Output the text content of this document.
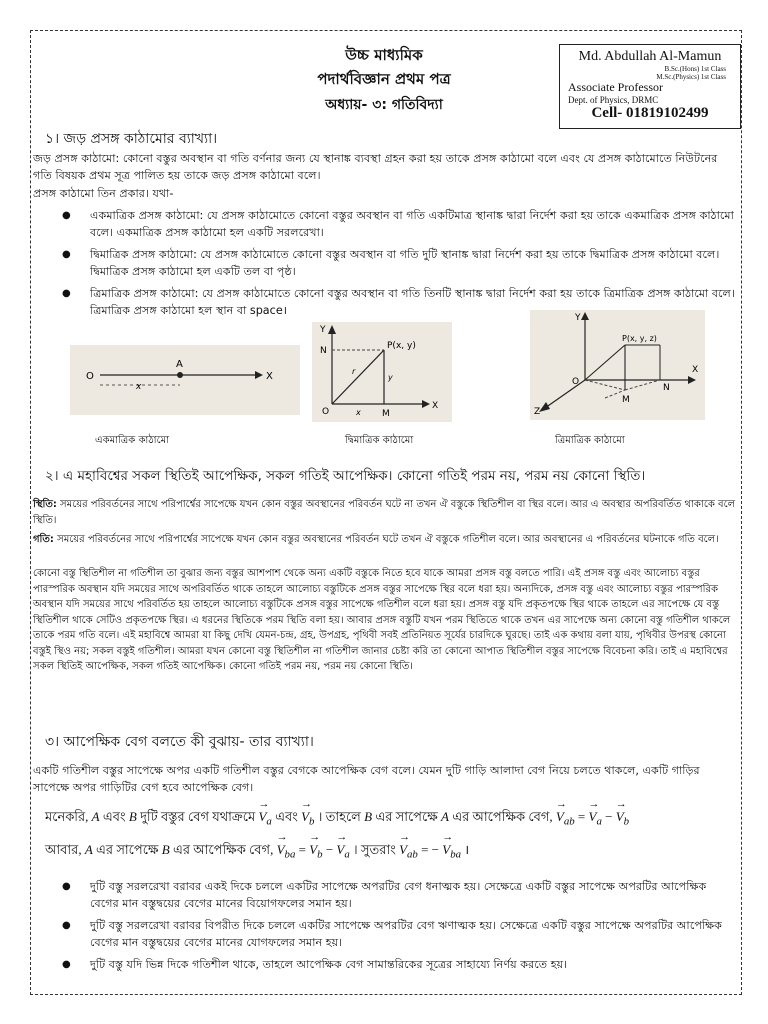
উচ্চ মাধ্যমিক
পদার্থবিজ্ঞান প্রথম পত্র
অধ্যায়- ৩: গতিবিদ্যা
Md. Abdullah Al-Mamun
B.Sc.(Hons) 1st Class
M.Sc.(Physics) 1st Class
Associate Professor
Dept. of Physics, DRMC
Cell- 01819102499
১। জড় প্রসঙ্গ কাঠামোর ব্যাখ্যা।
জড় প্রসঙ্গ কাঠামো: কোনো বস্তুর অবস্থান বা গতি বর্ণনার জন্য যে স্থানাঙ্ক ব্যবস্থা গ্রহন করা হয় তাকে প্রসঙ্গ কাঠামো বলে এবং যে প্রসঙ্গ কাঠামোতে নিউটনের গতি বিষয়ক প্রথম সূত্র পালিত হয় তাকে জড় প্রসঙ্গ কাঠামো বলে।
প্রসঙ্গ কাঠামো তিন প্রকার। যথা-
● একমাত্রিক প্রসঙ্গ কাঠামো: যে প্রসঙ্গ কাঠামোতে কোনো বস্তুর অবস্থান বা গতি একটিমাত্র স্থানাঙ্ক দ্বারা নির্দেশ করা হয় তাকে একমাত্রিক প্রসঙ্গ কাঠামো বলে। একমাত্রিক প্রসঙ্গ কাঠামো হল একটি সরলরেখা।
● দ্বিমাত্রিক প্রসঙ্গ কাঠামো: যে প্রসঙ্গ কাঠামোতে কোনো বস্তুর অবস্থান বা গতি দুটি স্থানাঙ্ক দ্বারা নির্দেশ করা হয় তাকে দ্বিমাত্রিক প্রসঙ্গ কাঠামো বলে। দ্বিমাত্রিক প্রসঙ্গ কাঠামো হল একটি তল বা পৃষ্ঠ।
● ত্রিমাত্রিক প্রসঙ্গ কাঠামো: যে প্রসঙ্গ কাঠামোতে কোনো বস্তুর অবস্থান বা গতি তিনটি স্থানাঙ্ক দ্বারা নির্দেশ করা হয় তাকে ত্রিমাত্রিক প্রসঙ্গ কাঠামো বলে। ত্রিমাত্রিক প্রসঙ্গ কাঠামো হল স্থান বা space।
O
A
X
x
একমাত্রিক কাঠামো
Y
X
O
N
M
P(x, y)
r
x
y
দ্বিমাত্রিক কাঠামো
Y
X
Z
O
P(x, y, z)
M
N
ত্রিমাত্রিক কাঠামো
২। এ মহাবিশ্বের সকল স্থিতিই আপেক্ষিক, সকল গতিই আপেক্ষিক। কোনো গতিই পরম নয়, পরম নয় কোনো স্থিতি।
স্থিতি: সময়ের পরিবর্তনের সাথে পরিপার্শ্বের সাপেক্ষে যখন কোন বস্তুর অবস্থানের পরিবর্তন ঘটে না তখন ঐ বস্তুকে স্থিতিশীল বা স্থির বলে। আর এ অবস্থার অপরিবর্তিত থাকাকে বলে স্থিতি।
গতি: সময়ের পরিবর্তনের সাথে পরিপার্শ্বের সাপেক্ষে যখন কোন বস্তুর অবস্থানের পরিবর্তন ঘটে তখন ঐ বস্তুকে গতিশীল বলে। আর অবস্থানের এ পরিবর্তনের ঘটনাকে গতি বলে।
কোনো বস্তু স্থিতিশীল না গতিশীল তা বুঝার জন্য বস্তুর আশপাশ থেকে অন্য একটি বস্তুকে নিতে হবে যাকে আমরা প্রসঙ্গ বস্তু বলতে পারি। এই প্রসঙ্গ বস্তু এবং আলোচ্য বস্তুর পারস্পরিক অবস্থান যদি সময়ের সাথে অপরিবর্তিত থাকে তাহলে আলোচ্য বস্তুটিকে প্রসঙ্গ বস্তুর সাপেক্ষে স্থির বলে ধরা হয়। অন্যদিকে, প্রসঙ্গ বস্তু এবং আলোচ্য বস্তুর পারস্পরিক অবস্থান যদি সময়ের সাথে পরিবর্তিত হয় তাহলে আলোচ্য বস্তুটিকে প্রসঙ্গ বস্তুর সাপেক্ষে গতিশীল বলে ধরা হয়। প্রসঙ্গ বস্তু যদি প্রকৃতপক্ষে স্থির থাকে তাহলে এর সাপেক্ষে যে বস্তু স্থিতিশীল থাকে সেটিও প্রকৃতপক্ষে স্থির। এ ধরনের স্থিতিকে পরম স্থিতি বলা হয়। আবার প্রসঙ্গ বস্তুটি যখন পরম স্থিতিতে থাকে তখন এর সাপেক্ষে অন্য কোনো বস্তু গতিশীল থাকলে তাকে পরম গতি বলে। এই মহাবিশ্বে আমরা যা কিছু দেখি যেমন-চন্দ্র, গ্রহ, উপগ্রহ, পৃথিবী সবই প্রতিনিয়ত সূর্যের চারদিকে ঘুরছে। তাই এক কথায় বলা যায়, পৃথিবীর উপরস্থ কোনো বস্তুই স্থিও নয়; সকল বস্তুই গতিশীল। আমরা যখন কোনো বস্তু স্থিতিশীল না গতিশীল জানার চেষ্টা করি তা কোনো আপাত স্থিতিশীল বস্তুর সাপেক্ষে বিবেচনা করি। তাই এ মহাবিশ্বের সকল স্থিতিই আপেক্ষিক, সকল গতিই আপেক্ষিক। কোনো গতিই পরম নয়, পরম নয় কোনো স্থিতি।
৩। আপেক্ষিক বেগ বলতে কী বুঝায়- তার ব্যাখ্যা।
একটি গতিশীল বস্তুর সাপেক্ষে অপর একটি গতিশীল বস্তুর বেগকে আপেক্ষিক বেগ বলে। যেমন দুটি গাড়ি আলাদা বেগ নিয়ে চলতে থাকলে, একটি গাড়ির সাপেক্ষে অপর গাড়িটির বেগ হবে আপেক্ষিক বেগ।
মনেকরি, A এবং B দুটি বস্তুর বেগ যথাক্রমে → $V_a$ এবং → $V_b$ । তাহলে B এর সাপেক্ষে A এর আপেক্ষিক বেগ, → $V_{ab}$ = → $V_a$ − → $V_b$
আবার, A এর সাপেক্ষে B এর আপেক্ষিক বেগ, → $V_{ba}$ = → $V_b$ − → $V_a$ । সুতরাং → $V_{ab}$ = − → $V_{ba}$ ।
● দুটি বস্তু সরলরেখা বরাবর একই দিকে চললে একটির সাপেক্ষে অপরটির বেগ ধনাত্মক হয়। সেক্ষেত্রে একটি বস্তুর সাপেক্ষে অপরটির আপেক্ষিক বেগের মান বস্তুদ্বয়ের বেগের মানের বিয়োগফলের সমান হয়।
● দুটি বস্তু সরলরেখা বরাবর বিপরীত দিকে চললে একটির সাপেক্ষে অপরটির বেগ ঋণাত্মক হয়। সেক্ষেত্রে একটি বস্তুর সাপেক্ষে অপরটির আপেক্ষিক বেগের মান বস্তুদ্বয়ের বেগের মানের যোগফলের সমান হয়।
● দুটি বস্তু যদি ভিন্ন দিকে গতিশীল থাকে, তাহলে আপেক্ষিক বেগ সামান্তরিকের সূত্রের সাহায্যে নির্ণয় করতে হয়।
